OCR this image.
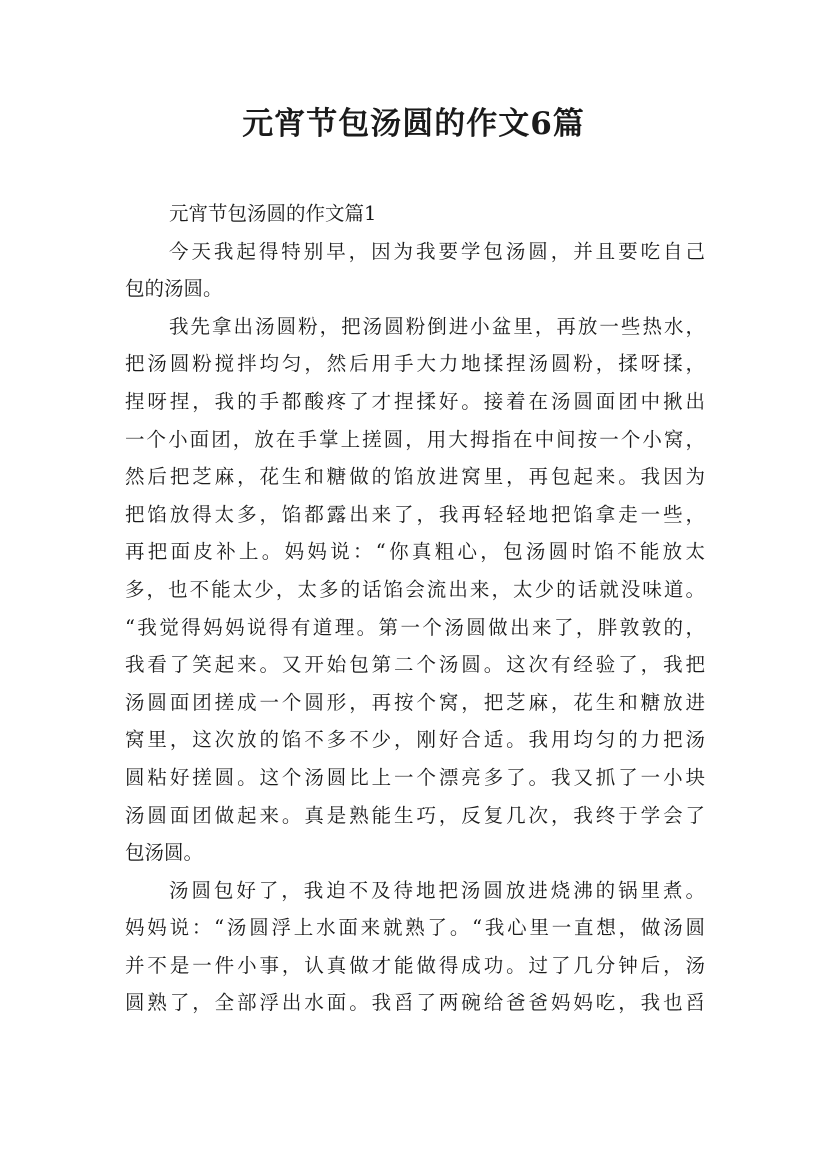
元宵节包汤圆的作文6篇
元宵节包汤圆的作文篇1
今天我起得特别早，因为我要学包汤圆，并且要吃自己
包的汤圆。
我先拿出汤圆粉，把汤圆粉倒进小盆里，再放一些热水，
把汤圆粉搅拌均匀，然后用手大力地揉捏汤圆粉，揉呀揉，
捏呀捏，我的手都酸疼了才捏揉好。接着在汤圆面团中揪出
一个小面团，放在手掌上搓圆，用大拇指在中间按一个小窝，
然后把芝麻，花生和糖做的馅放进窝里，再包起来。我因为
把馅放得太多，馅都露出来了，我再轻轻地把馅拿走一些，
再把面皮补上。妈妈说：“你真粗心，包汤圆时馅不能放太
多，也不能太少，太多的话馅会流出来，太少的话就没味道。
“我觉得妈妈说得有道理。第一个汤圆做出来了，胖敦敦的，
我看了笑起来。又开始包第二个汤圆。这次有经验了，我把
汤圆面团搓成一个圆形，再按个窝，把芝麻，花生和糖放进
窝里，这次放的馅不多不少，刚好合适。我用均匀的力把汤
圆粘好搓圆。这个汤圆比上一个漂亮多了。我又抓了一小块
汤圆面团做起来。真是熟能生巧，反复几次，我终于学会了
包汤圆。
汤圆包好了，我迫不及待地把汤圆放进烧沸的锅里煮。
妈妈说：“汤圆浮上水面来就熟了。“我心里一直想，做汤圆
并不是一件小事，认真做才能做得成功。过了几分钟后，汤
圆熟了，全部浮出水面。我舀了两碗给爸爸妈妈吃，我也舀
